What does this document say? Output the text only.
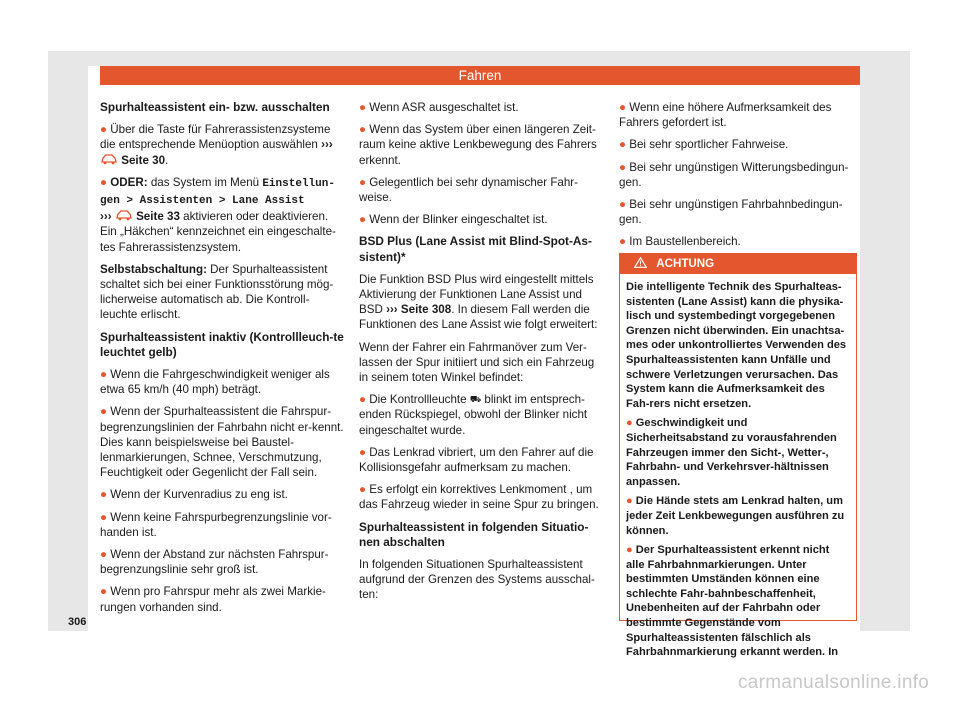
Fahren

Spurhalteassistent ein- bzw. ausschalten

● Über die Taste für Fahrerassistenzsysteme die entsprechende Menüoption auswählen ›››  Seite 30.

● ODER: das System im Menü Einstellun- gen > Assistenten > Lane Assist
››› Seite 33 aktivieren oder deaktivieren. Ein „Häkchen“ kennzeichnet ein eingeschalte-tes Fahrerassistenzsystem.

Selbstabschaltung: Der Spurhalteassistent schaltet sich bei einer Funktionsstörung mög-licherweise automatisch ab. Die Kontroll-leuchte erlischt.

Spurhalteassistent inaktiv (Kontrollleuch-te leuchtet gelb)

● Wenn die Fahrgeschwindigkeit weniger als etwa 65 km/h (40 mph) beträgt.

● Wenn der Spurhalteassistent die Fahrspur-begrenzungslinien der Fahrbahn nicht er-kennt. Dies kann beispielsweise bei Baustel-lenmarkierungen, Schnee, Verschmutzung, Feuchtigkeit oder Gegenlicht der Fall sein.

● Wenn der Kurvenradius zu eng ist.

● Wenn keine Fahrspurbegrenzungslinie vor-handen ist.

● Wenn der Abstand zur nächsten Fahrspur-begrenzungslinie sehr groß ist.

● Wenn pro Fahrspur mehr als zwei Markie-rungen vorhanden sind.

● Wenn ASR ausgeschaltet ist.

● Wenn das System über einen längeren Zeit-raum keine aktive Lenkbewegung des Fahrers erkennt.

● Gelegentlich bei sehr dynamischer Fahr-weise.

● Wenn der Blinker eingeschaltet ist.

BSD Plus (Lane Assist mit Blind-Spot-As-sistent)*

Die Funktion BSD Plus wird eingestellt mittels Aktivierung der Funktionen Lane Assist und BSD ››› Seite 308. In diesem Fall werden die Funktionen des Lane Assist wie folgt erweitert:

Wenn der Fahrer ein Fahrmanöver zum Ver-lassen der Spur initiiert und sich ein Fahrzeug in seinem toten Winkel befindet:

● Die Kontrollleuchte ⛟ blinkt im entsprech-enden Rückspiegel, obwohl der Blinker nicht eingeschaltet wurde.

● Das Lenkrad vibriert, um den Fahrer auf die Kollisionsgefahr aufmerksam zu machen.

● Es erfolgt ein korrektives Lenkmoment , um das Fahrzeug wieder in seine Spur zu bringen.

Spurhalteassistent in folgenden Situatio-nen abschalten

In folgenden Situationen Spurhalteassistent aufgrund der Grenzen des Systems ausschal-ten:

● Wenn eine höhere Aufmerksamkeit des Fahrers gefordert ist.

● Bei sehr sportlicher Fahrweise.

● Bei sehr ungünstigen Witterungsbedingun-gen.

● Bei sehr ungünstigen Fahrbahnbedingun-gen.

● Im Baustellenbereich.

ACHTUNG

Die intelligente Technik des Spurhalteas-sistenten (Lane Assist) kann die physika-lisch und systembedingt vorgegebenen Grenzen nicht überwinden. Ein unachtsa-mes oder unkontrolliertes Verwenden des Spurhalteassistenten kann Unfälle und schwere Verletzungen verursachen. Das System kann die Aufmerksamkeit des Fah-rers nicht ersetzen.

● Geschwindigkeit und Sicherheitsabstand zu vorausfahrenden Fahrzeugen immer den Sicht-, Wetter-, Fahrbahn- und Verkehrsver-hältnissen anpassen.

● Die Hände stets am Lenkrad halten, um jeder Zeit Lenkbewegungen ausführen zu können.

● Der Spurhalteassistent erkennt nicht alle Fahrbahnmarkierungen. Unter bestimmten Umständen können eine schlechte Fahr-bahnbeschaffenheit, Unebenheiten auf der Fahrbahn oder bestimmte Gegenstände vom Spurhalteassistenten fälschlich als Fahrbahnmarkierung erkannt werden. In

306
carmanualsonline.info
